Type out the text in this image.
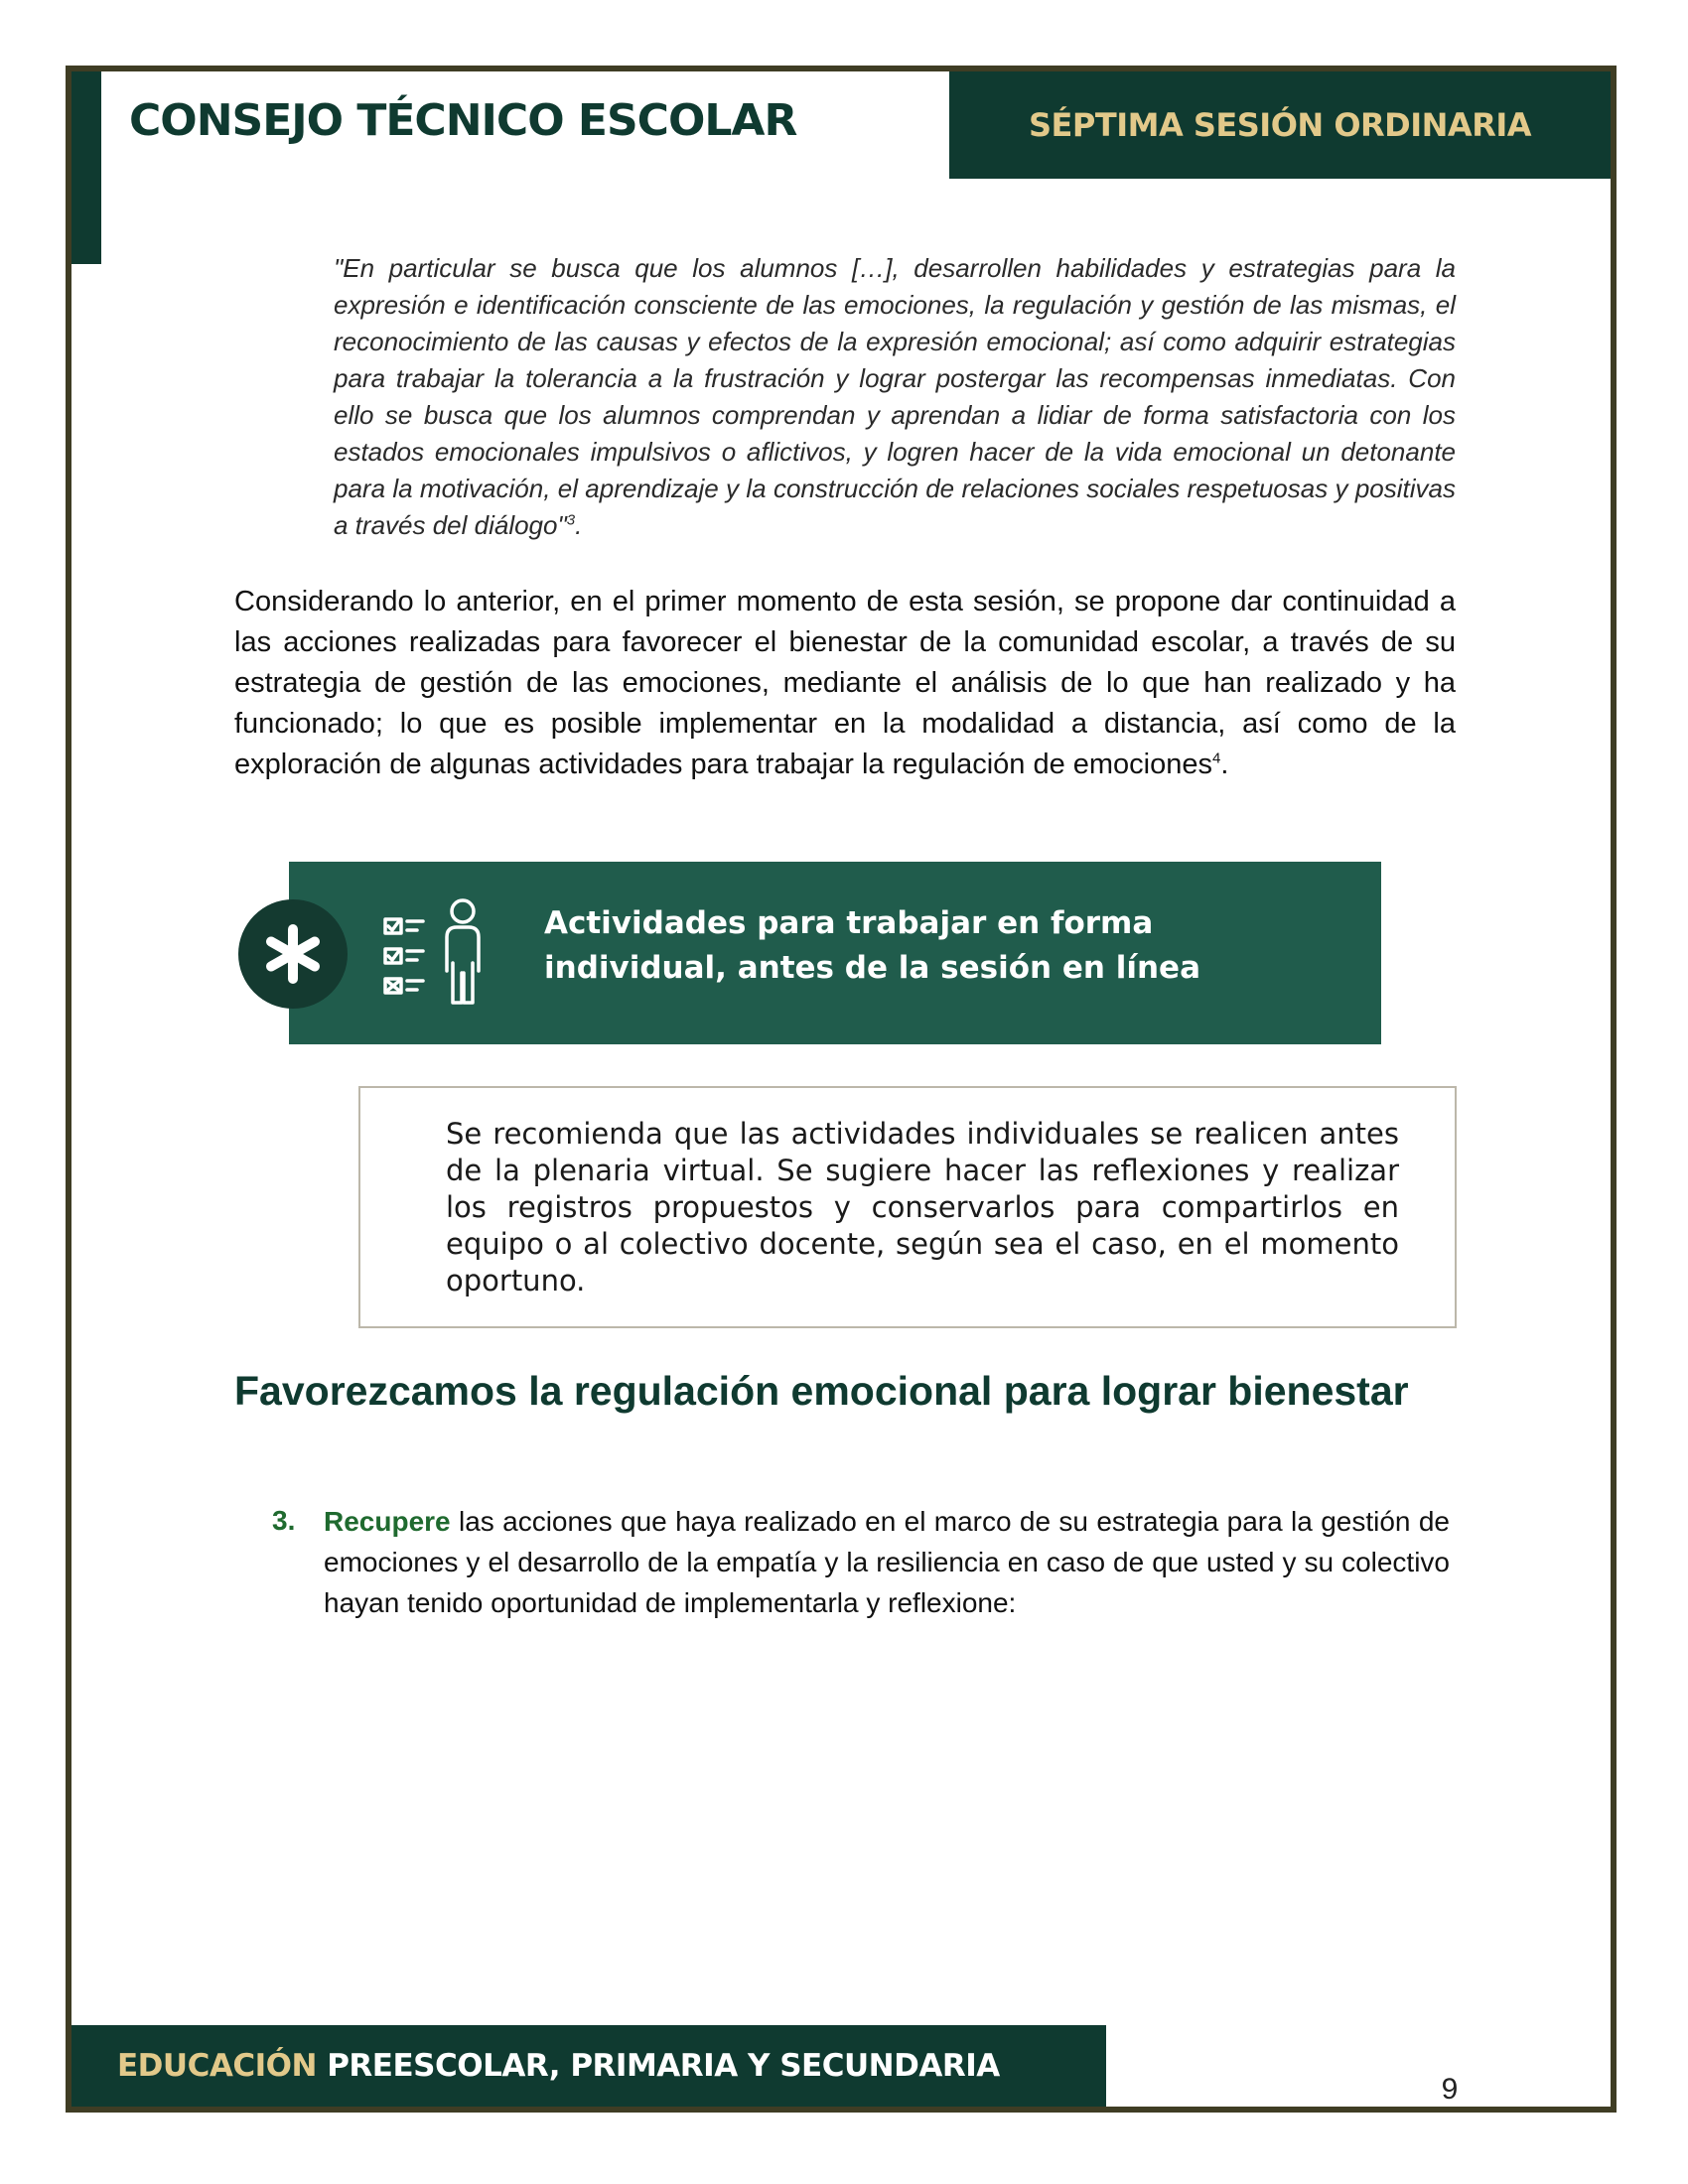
CONSEJO TÉCNICO ESCOLAR	SÉPTIMA SESIÓN ORDINARIA

"En particular se busca que los alumnos […], desarrollen habilidades y estrategias para la expresión e identificación consciente de las emociones, la regulación y gestión de las mismas, el reconocimiento de las causas y efectos de la expresión emocional; así como adquirir estrategias para trabajar la tolerancia a la frustración y lograr postergar las recompensas inmediatas. Con ello se busca que los alumnos comprendan y aprendan a lidiar de forma satisfactoria con los estados emocionales impulsivos o aflictivos, y logren hacer de la vida emocional un detonante para la motivación, el aprendizaje y la construcción de relaciones sociales respetuosas y positivas a través del diálogo"$^3$.

Considerando lo anterior, en el primer momento de esta sesión, se propone dar continuidad a las acciones realizadas para favorecer el bienestar de la comunidad escolar, a través de su estrategia de gestión de las emociones, mediante el análisis de lo que han realizado y ha funcionado; lo que es posible implementar en la modalidad a distancia, así como de la exploración de algunas actividades para trabajar la regulación de emociones$^4$.

Actividades para trabajar en forma individual, antes de la sesión en línea

Se recomienda que las actividades individuales se realicen antes de la plenaria virtual. Se sugiere hacer las reflexiones y realizar los registros propuestos y conservarlos para compartirlos en equipo o al colectivo docente, según sea el caso, en el momento oportuno.

Favorezcamos la regulación emocional para lograr bienestar
3. Recupere las acciones que haya realizado en el marco de su estrategia para la gestión de emociones y el desarrollo de la empatía y la resiliencia en caso de que usted y su colectivo hayan tenido oportunidad de implementarla y reflexione:

EDUCACIÓN PREESCOLAR, PRIMARIA Y SECUNDARIA
9
